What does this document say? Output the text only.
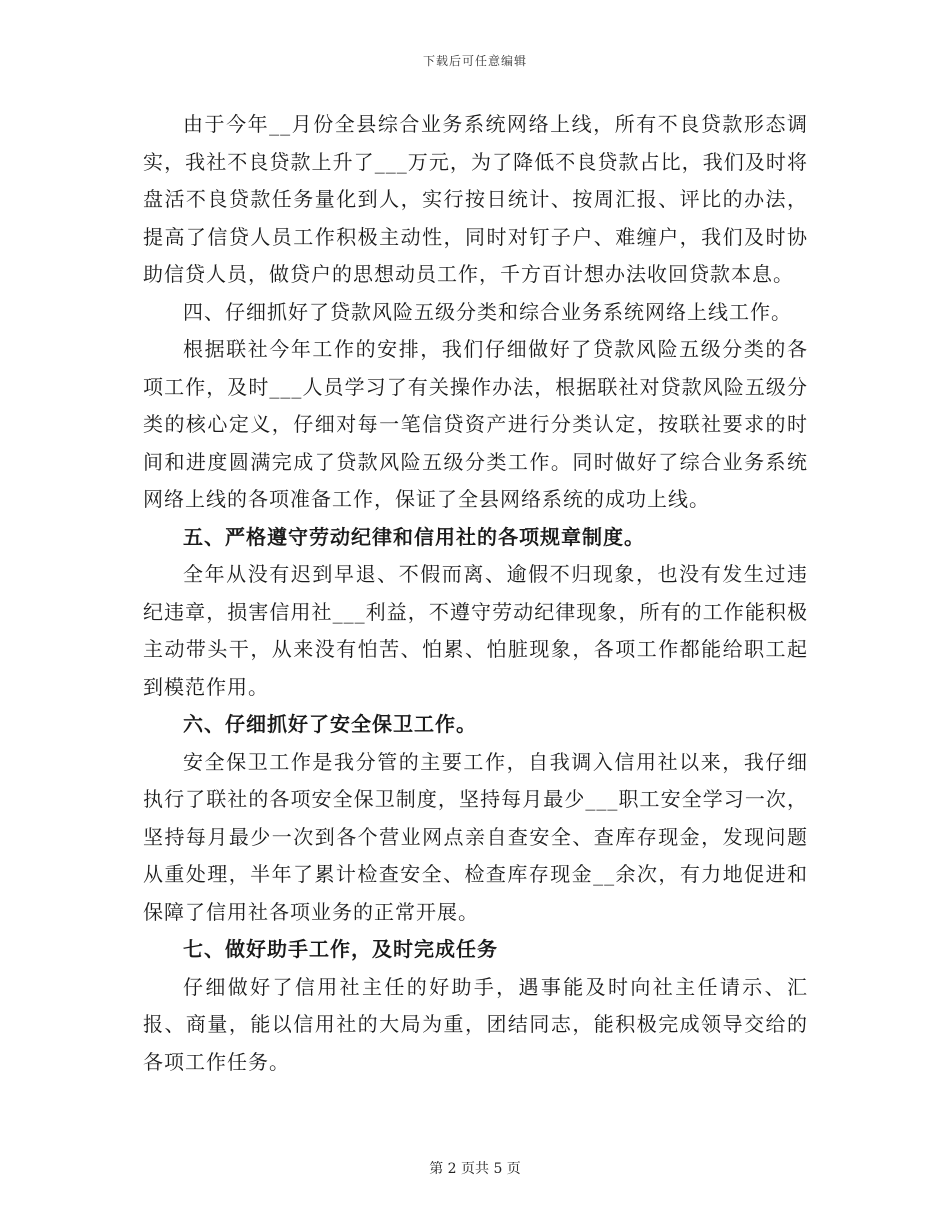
下载后可任意编辑

由于今年__月份全县综合业务系统网络上线，所有不良贷款形态调实，我社不良贷款上升了___万元，为了降低不良贷款占比，我们及时将盘活不良贷款任务量化到人，实行按日统计、按周汇报、评比的办法，提高了信贷人员工作积极主动性，同时对钉子户、难缠户，我们及时协助信贷人员，做贷户的思想动员工作，千方百计想办法收回贷款本息。

四、仔细抓好了贷款风险五级分类和综合业务系统网络上线工作。

根据联社今年工作的安排，我们仔细做好了贷款风险五级分类的各项工作，及时___人员学习了有关操作办法，根据联社对贷款风险五级分类的核心定义，仔细对每一笔信贷资产进行分类认定，按联社要求的时间和进度圆满完成了贷款风险五级分类工作。同时做好了综合业务系统网络上线的各项准备工作，保证了全县网络系统的成功上线。

五、严格遵守劳动纪律和信用社的各项规章制度。

全年从没有迟到早退、不假而离、逾假不归现象，也没有发生过违纪违章，损害信用社___利益，不遵守劳动纪律现象，所有的工作能积极主动带头干，从来没有怕苦、怕累、怕脏现象，各项工作都能给职工起到模范作用。

六、仔细抓好了安全保卫工作。

安全保卫工作是我分管的主要工作，自我调入信用社以来，我仔细执行了联社的各项安全保卫制度，坚持每月最少___职工安全学习一次，坚持每月最少一次到各个营业网点亲自查安全、查库存现金，发现问题从重处理，半年了累计检查安全、检查库存现金__余次，有力地促进和保障了信用社各项业务的正常开展。

七、做好助手工作，及时完成任务

仔细做好了信用社主任的好助手，遇事能及时向社主任请示、汇报、商量，能以信用社的大局为重，团结同志，能积极完成领导交给的各项工作任务。

第 2 页共 5 页
